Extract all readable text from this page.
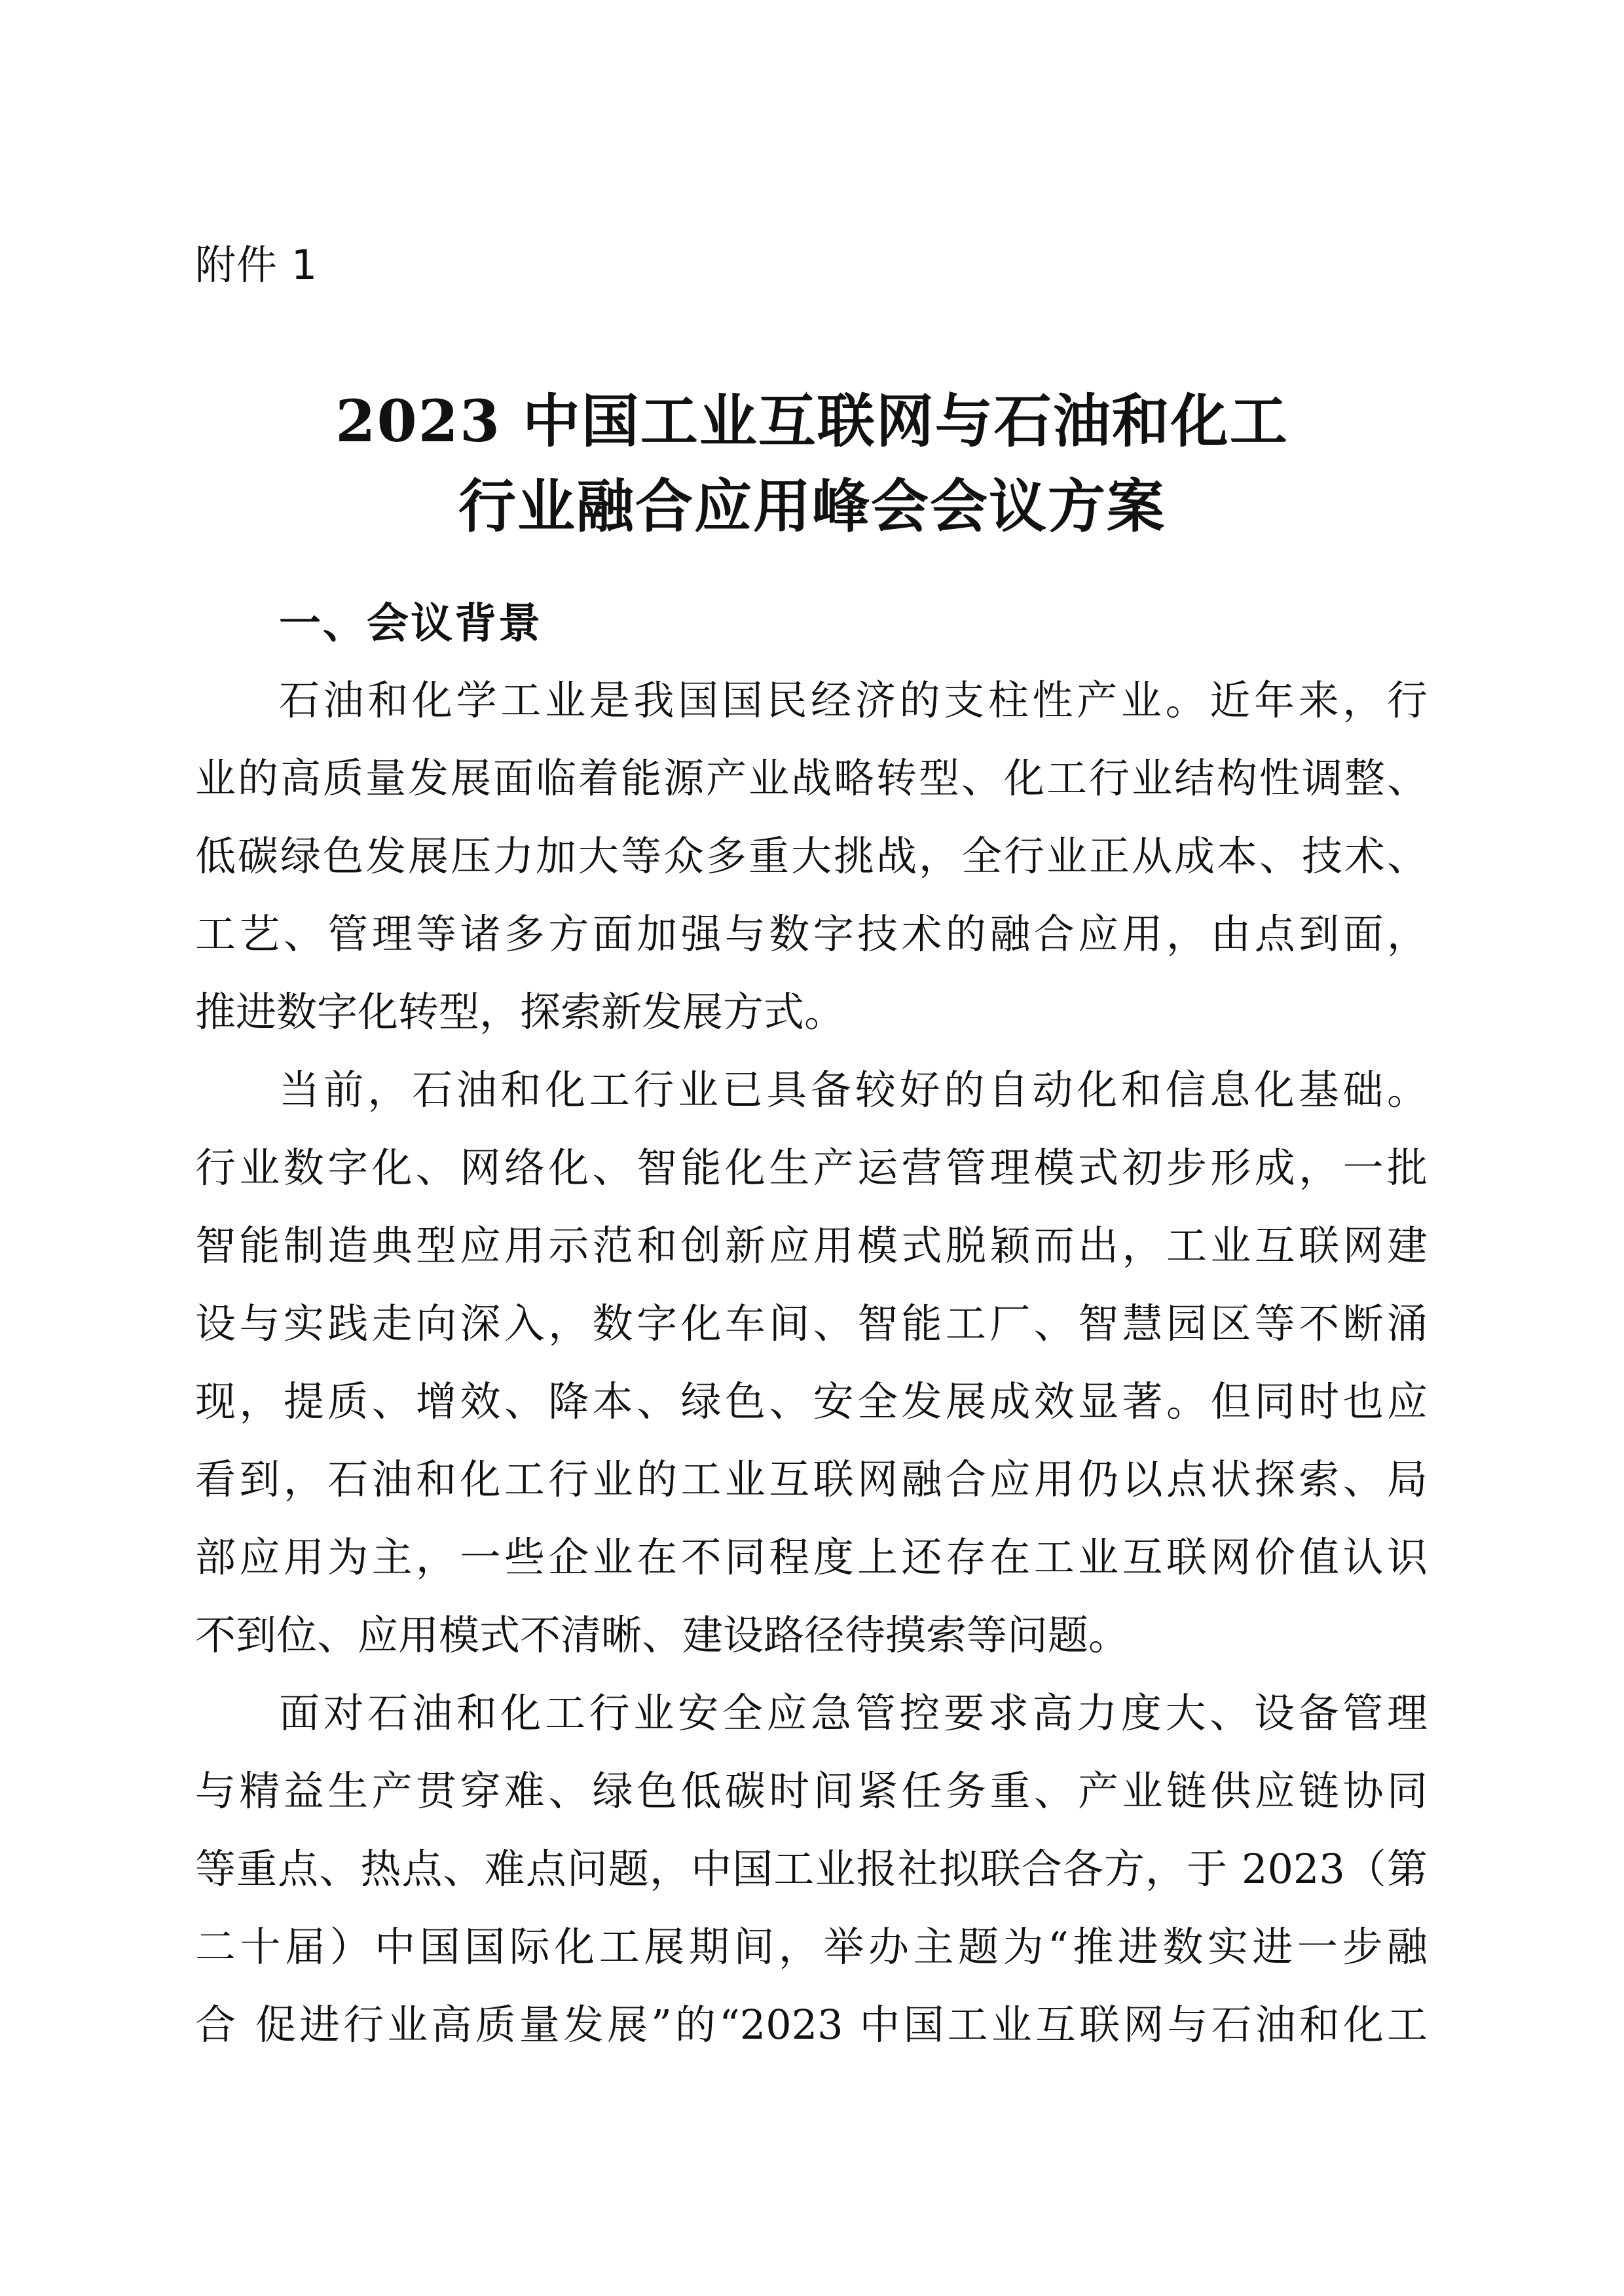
附件 1
2023 中国工业互联网与石油和化工
行业融合应用峰会会议方案
一、会议背景
石油和化学工业是我国国民经济的支柱性产业。近年来，行
业的高质量发展面临着能源产业战略转型、化工行业结构性调整、
低碳绿色发展压力加大等众多重大挑战，全行业正从成本、技术、
工艺、管理等诸多方面加强与数字技术的融合应用，由点到面，
推进数字化转型，探索新发展方式。
当前，石油和化工行业已具备较好的自动化和信息化基础。
行业数字化、网络化、智能化生产运营管理模式初步形成，一批
智能制造典型应用示范和创新应用模式脱颖而出，工业互联网建
设与实践走向深入，数字化车间、智能工厂、智慧园区等不断涌
现，提质、增效、降本、绿色、安全发展成效显著。但同时也应
看到，石油和化工行业的工业互联网融合应用仍以点状探索、局
部应用为主，一些企业在不同程度上还存在工业互联网价值认识
不到位、应用模式不清晰、建设路径待摸索等问题。
面对石油和化工行业安全应急管控要求高力度大、设备管理
与精益生产贯穿难、绿色低碳时间紧任务重、产业链供应链协同
等重点、热点、难点问题，中国工业报社拟联合各方，于 2023（第
二十届）中国国际化工展期间，举办主题为“推进数实进一步融
合 促进行业高质量发展”的“2023 中国工业互联网与石油和化工
